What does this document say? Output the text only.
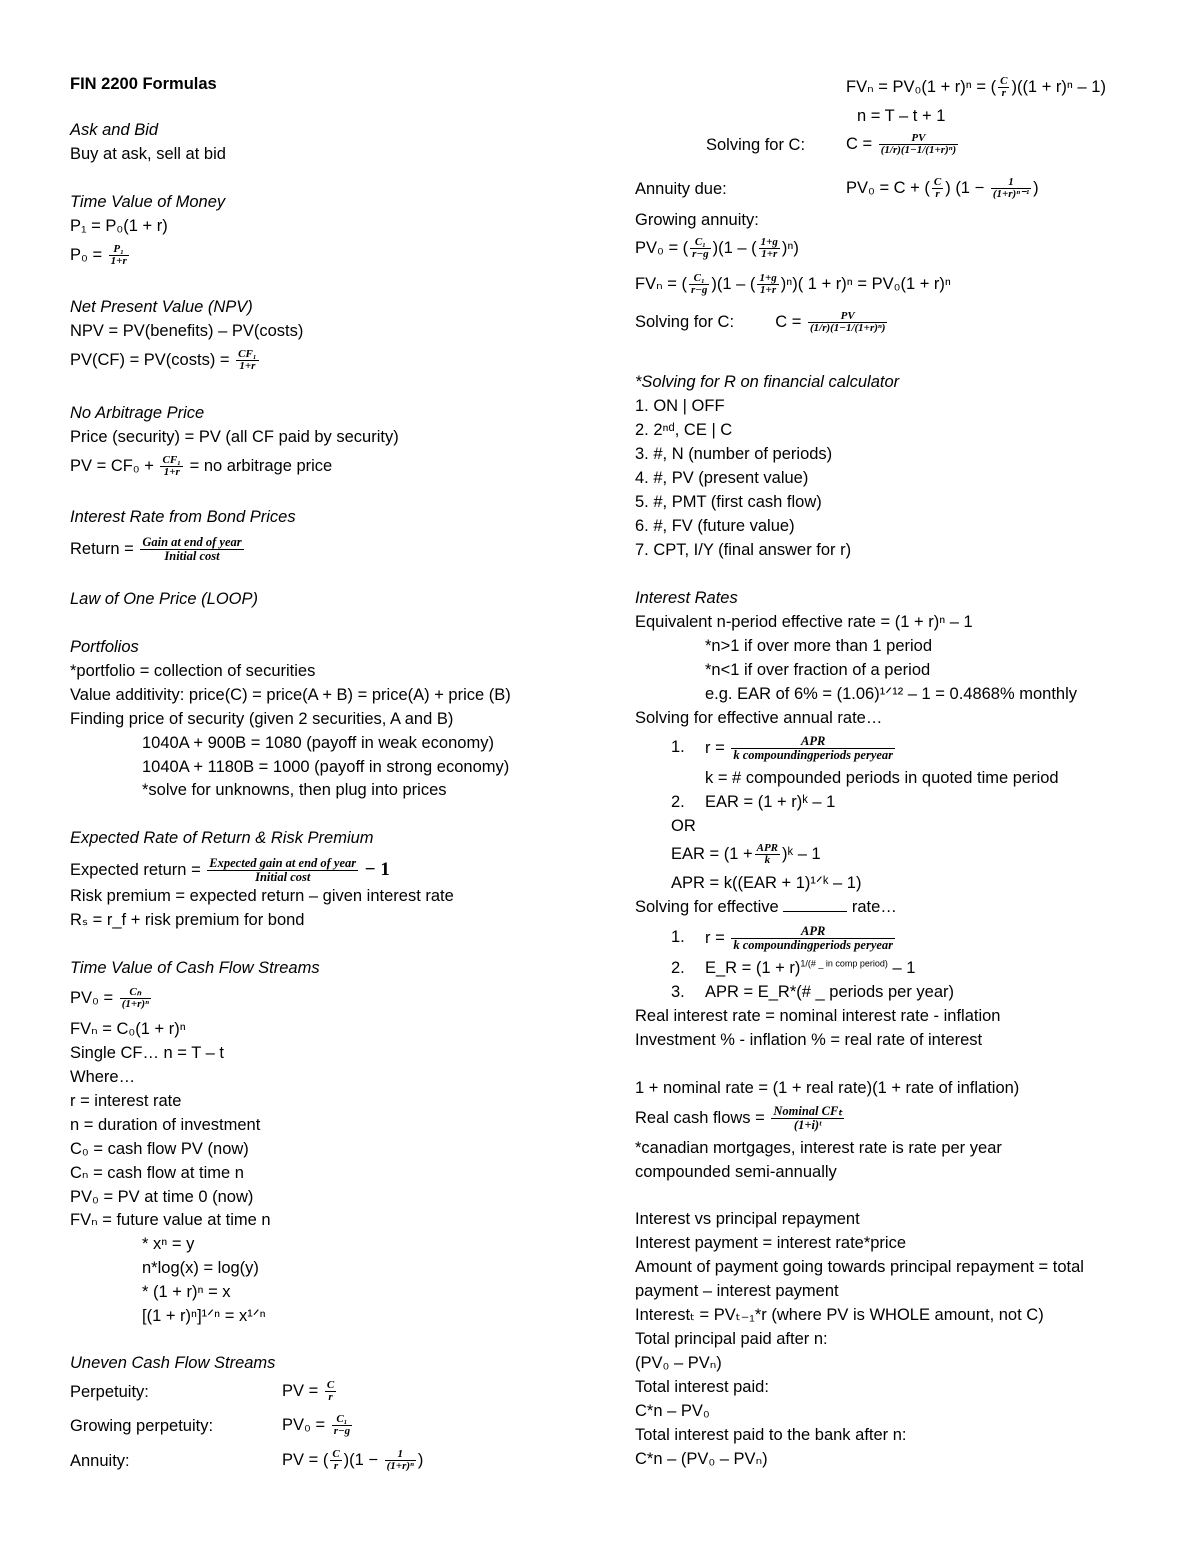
FIN 2200 Formulas
Ask and Bid
Buy at ask, sell at bid
Time Value of Money
P₁ = P₀(1 + r)
$P_0 = \frac{\text{P₁}}{1+r}$
Net Present Value (NPV)
NPV = PV(benefits) – PV(costs)
PV(CF) = PV(costs) = $\frac{\text{CF₁}}{1+r}$
No Arbitrage Price
Price (security) = PV (all CF paid by security)
PV = $CF_0 + \frac{\text{CF₁}}{1+r}$ = no arbitrage price
Interest Rate from Bond Prices
Return = Gain at end of year
Initial cost
Law of One Price (LOOP)
Portfolios
*portfolio = collection of securities
Value additivity: price(C) = price(A + B) = price(A) + price (B)
Finding price of security (given 2 securities, A and B)
1040A + 900B = 1080 (payoff in weak economy)
1040A + 1180B = 1000 (payoff in strong economy)
*solve for unknowns, then plug into prices
Expected Rate of Return & Risk Premium
Expected return = Expected gain at end of year
Initial cost	− 1
Risk premium = expected return – given interest rate
Rₛ = r_f + risk premium for bond
Time Value of Cash Flow Streams
$PV_0 = \frac{\text{Cₙ}}{\text{(1+r)ⁿ}}$
FVₙ = C₀(1 + r)ⁿ
Single CF… n = T – t
Where…
r = interest rate
n = duration of investment
C₀ = cash flow PV (now)
Cₙ = cash flow at time n
PV₀ = PV at time 0 (now)
FVₙ = future value at time n
* xⁿ = y
n*log(x) = log(y)
* (1 + r)ⁿ = x
[(1 + r)ⁿ]¹ᐟⁿ = x¹ᐟⁿ
Uneven Cash Flow Streams
Perpetuity:	PV = $\frac{C}{r}$
Growing perpetuity:	$PV_0 = \frac{\text{C₁}}{r-g}$
Annuity:	PV = ( $\frac{C}{r} )(1 - \frac{1}{\text{(1+r)ⁿ}}$ )
FVₙ = PV₀(1 + r)ⁿ = ( $\frac{C}{r} )((1 + r)^n - 1)$
n = T – t + 1
Solving for C: $C = \frac{PV}{\text{(1/r)(1−1/(1+r)ⁿ)}}$
Annuity due:	PV₀ = C + ( $\frac{C}{r}$ ) ($1 - \frac{1}{\text{(1+r)ⁿ⁻¹}}$ )
Growing annuity:
PV₀ = ( $\frac{\text{C₁}}{r-g} )(1$ – ( $\frac{1+g}{1+r} )^n$)
FVₙ = ( $\frac{\text{C₁}}{r-g} )(1$ – ( $\frac{1+g}{1+r} )^n$)( 1 + r)ⁿ = PV₀(1 + r)ⁿ
Solving for C: $C = \frac{PV}{\text{(1/r)(1−1/(1+r)ⁿ)}}$
*Solving for R on financial calculator
1. ON | OFF
2. 2ⁿᵈ, CE | C
3. #, N (number of periods)
4. #, PV (present value)
5. #, PMT (first cash flow)
6. #, FV (future value)
7. CPT, I/Y (final answer for r)
Interest Rates
Equivalent n-period effective rate = (1 + r)ⁿ – 1
*n>1 if over more than 1 period
*n<1 if over fraction of a period
e.g. EAR of 6% = (1.06)¹ᐟ¹² – 1 = 0.4868% monthly
Solving for effective annual rate…
1. r =	APR
k compoundingperiods peryear
k = # compounded periods in quoted time period
2. EAR = (1 + r)ᵏ – 1
OR
EAR = (1 + APR
k )ᵏ – 1
APR = k((EAR + 1)¹ᐟᵏ – 1)
Solving for effective	rate…
1. r =	APR
k compoundingperiods peryear
2. E_R = $(1 + r)^{1/(\# \_ in comp period)} - 1$
3. APR = E_R*(# _ periods per year)
Real interest rate = nominal interest rate - inflation
Investment % - inflation % = real rate of interest
1 + nominal rate = (1 + real rate)(1 + rate of inflation)
Real cash flows = Nominal CFₜ
(1+i)ᵗ
*canadian mortgages, interest rate is rate per year
compounded semi-annually
Interest vs principal repayment
Interest payment = interest rate*price
Amount of payment going towards principal repayment = total
payment – interest payment
Interestₜ = PVₜ₋₁*r (where PV is WHOLE amount, not C)
Total principal paid after n:
(PV₀ – PVₙ)
Total interest paid:
C*n – PV₀
Total interest paid to the bank after n:
C*n – (PV₀ – PVₙ)
